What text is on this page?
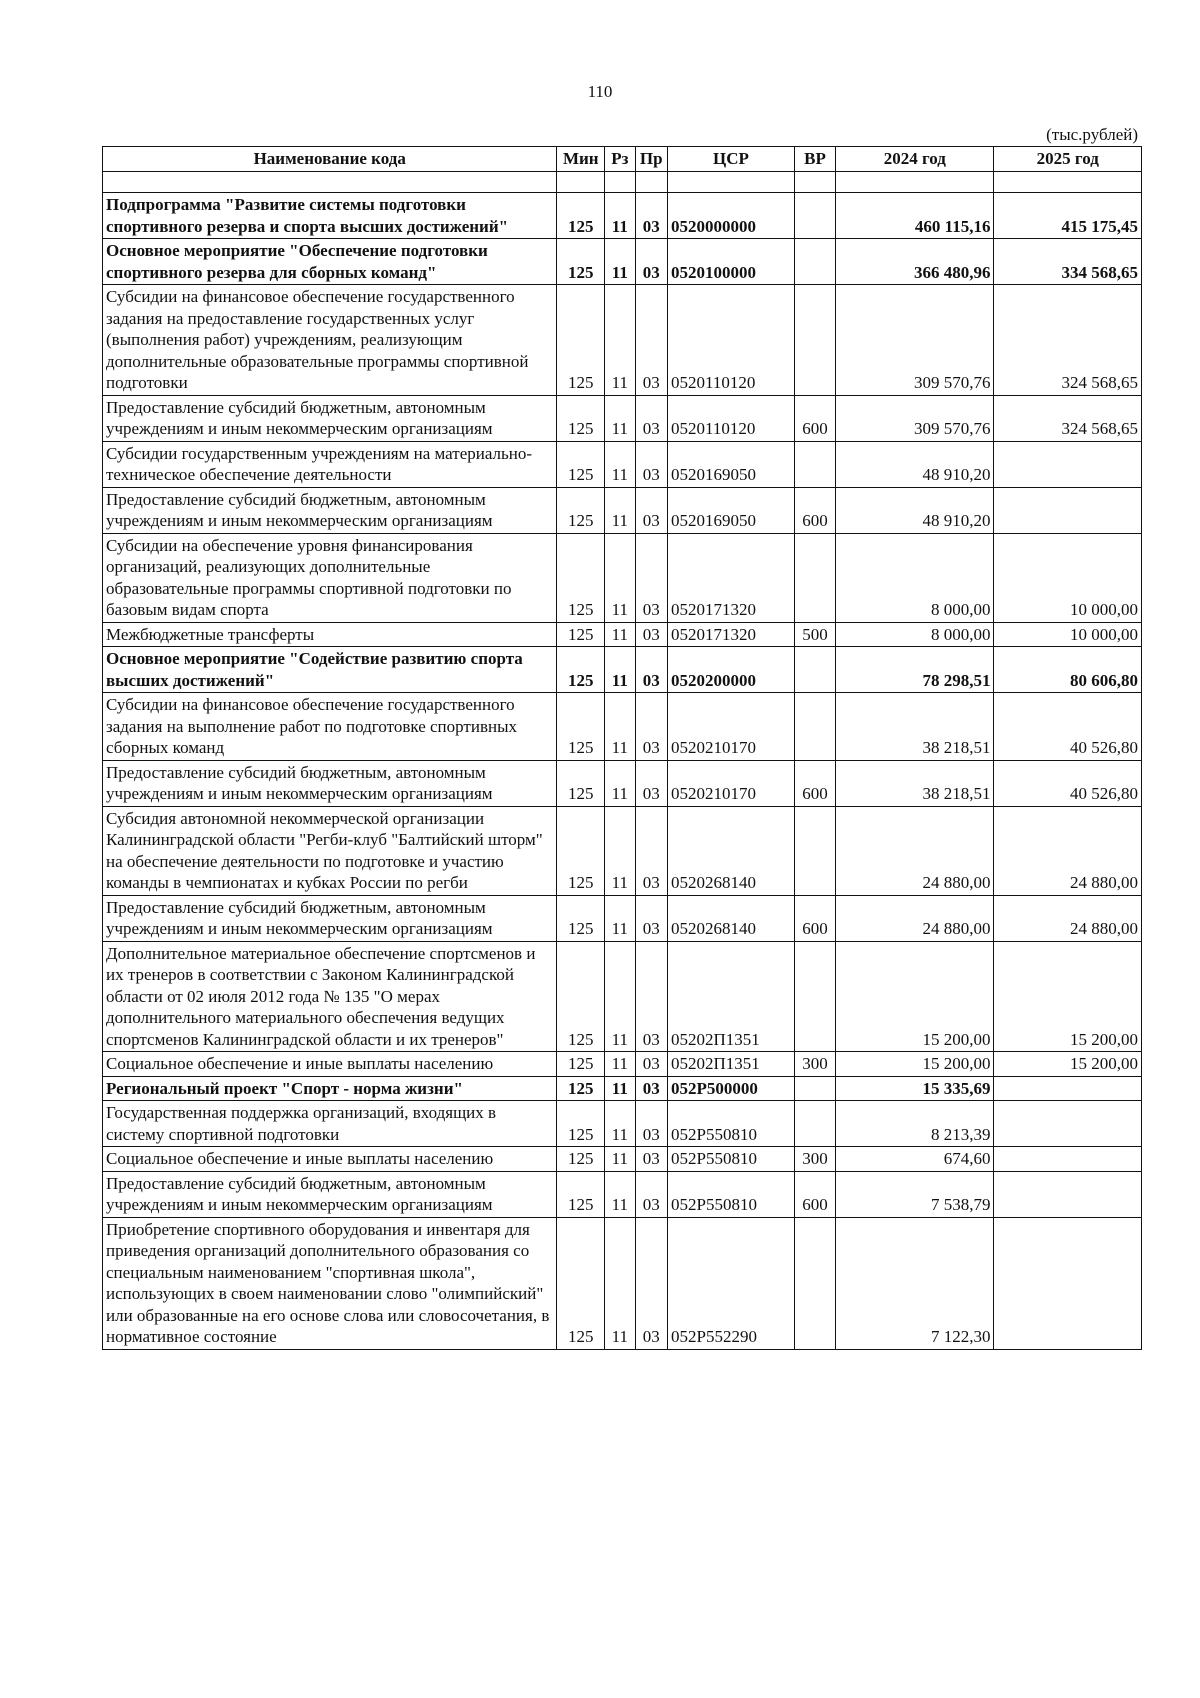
110
(тыс.рублей)
Наименование кода	Мин	Рз	Пр	ЦСР	ВР	2024 год	2025 год

Подпрограмма "Развитие системы подготовки спортивного резерва и спорта высших достижений"	125	11	03	0520000000		460 115,16	415 175,45
Основное мероприятие "Обеспечение подготовки спортивного резерва для сборных команд"	125	11	03	0520100000		366 480,96	334 568,65
Субсидии на финансовое обеспечение государственного задания на предоставление государственных услуг (выполнения работ) учреждениям, реализующим дополнительные образовательные программы спортивной подготовки	125	11	03	0520110120		309 570,76	324 568,65
Предоставление субсидий бюджетным, автономным учреждениям и иным некоммерческим организациям	125	11	03	0520110120	600	309 570,76	324 568,65
Субсидии государственным учреждениям на материально-техническое обеспечение деятельности	125	11	03	0520169050		48 910,20	
Предоставление субсидий бюджетным, автономным учреждениям и иным некоммерческим организациям	125	11	03	0520169050	600	48 910,20	
Субсидии на обеспечение уровня финансирования организаций, реализующих дополнительные образовательные программы спортивной подготовки по базовым видам спорта	125	11	03	0520171320		8 000,00	10 000,00
Межбюджетные трансферты	125	11	03	0520171320	500	8 000,00	10 000,00
Основное мероприятие "Содействие развитию спорта высших достижений"	125	11	03	0520200000		78 298,51	80 606,80
Субсидии на финансовое обеспечение государственного задания на выполнение работ по подготовке спортивных сборных команд	125	11	03	0520210170		38 218,51	40 526,80
Предоставление субсидий бюджетным, автономным учреждениям и иным некоммерческим организациям	125	11	03	0520210170	600	38 218,51	40 526,80
Субсидия автономной некоммерческой организации Калининградской области "Регби-клуб "Балтийский шторм" на обеспечение деятельности по подготовке и участию команды в чемпионатах и кубках России по регби	125	11	03	0520268140		24 880,00	24 880,00
Предоставление субсидий бюджетным, автономным учреждениям и иным некоммерческим организациям	125	11	03	0520268140	600	24 880,00	24 880,00
Дополнительное материальное обеспечение спортсменов и их тренеров в соответствии с Законом Калининградской области от 02 июля 2012 года № 135 "О мерах дополнительного материального обеспечения ведущих спортсменов Калининградской области и их тренеров"	125	11	03	05202П1351		15 200,00	15 200,00
Социальное обеспечение и иные выплаты населению	125	11	03	05202П1351	300	15 200,00	15 200,00
Региональный проект "Спорт - норма жизни"	125	11	03	052Р500000		15 335,69	
Государственная поддержка организаций, входящих в систему спортивной подготовки	125	11	03	052Р550810		8 213,39	
Социальное обеспечение и иные выплаты населению	125	11	03	052Р550810	300	674,60	
Предоставление субсидий бюджетным, автономным учреждениям и иным некоммерческим организациям	125	11	03	052Р550810	600	7 538,79	
Приобретение спортивного оборудования и инвентаря для приведения организаций дополнительного образования со специальным наименованием "спортивная школа", использующих в своем наименовании слово "олимпийский" или образованные на его основе слова или словосочетания, в нормативное состояние	125	11	03	052Р552290		7 122,30	
